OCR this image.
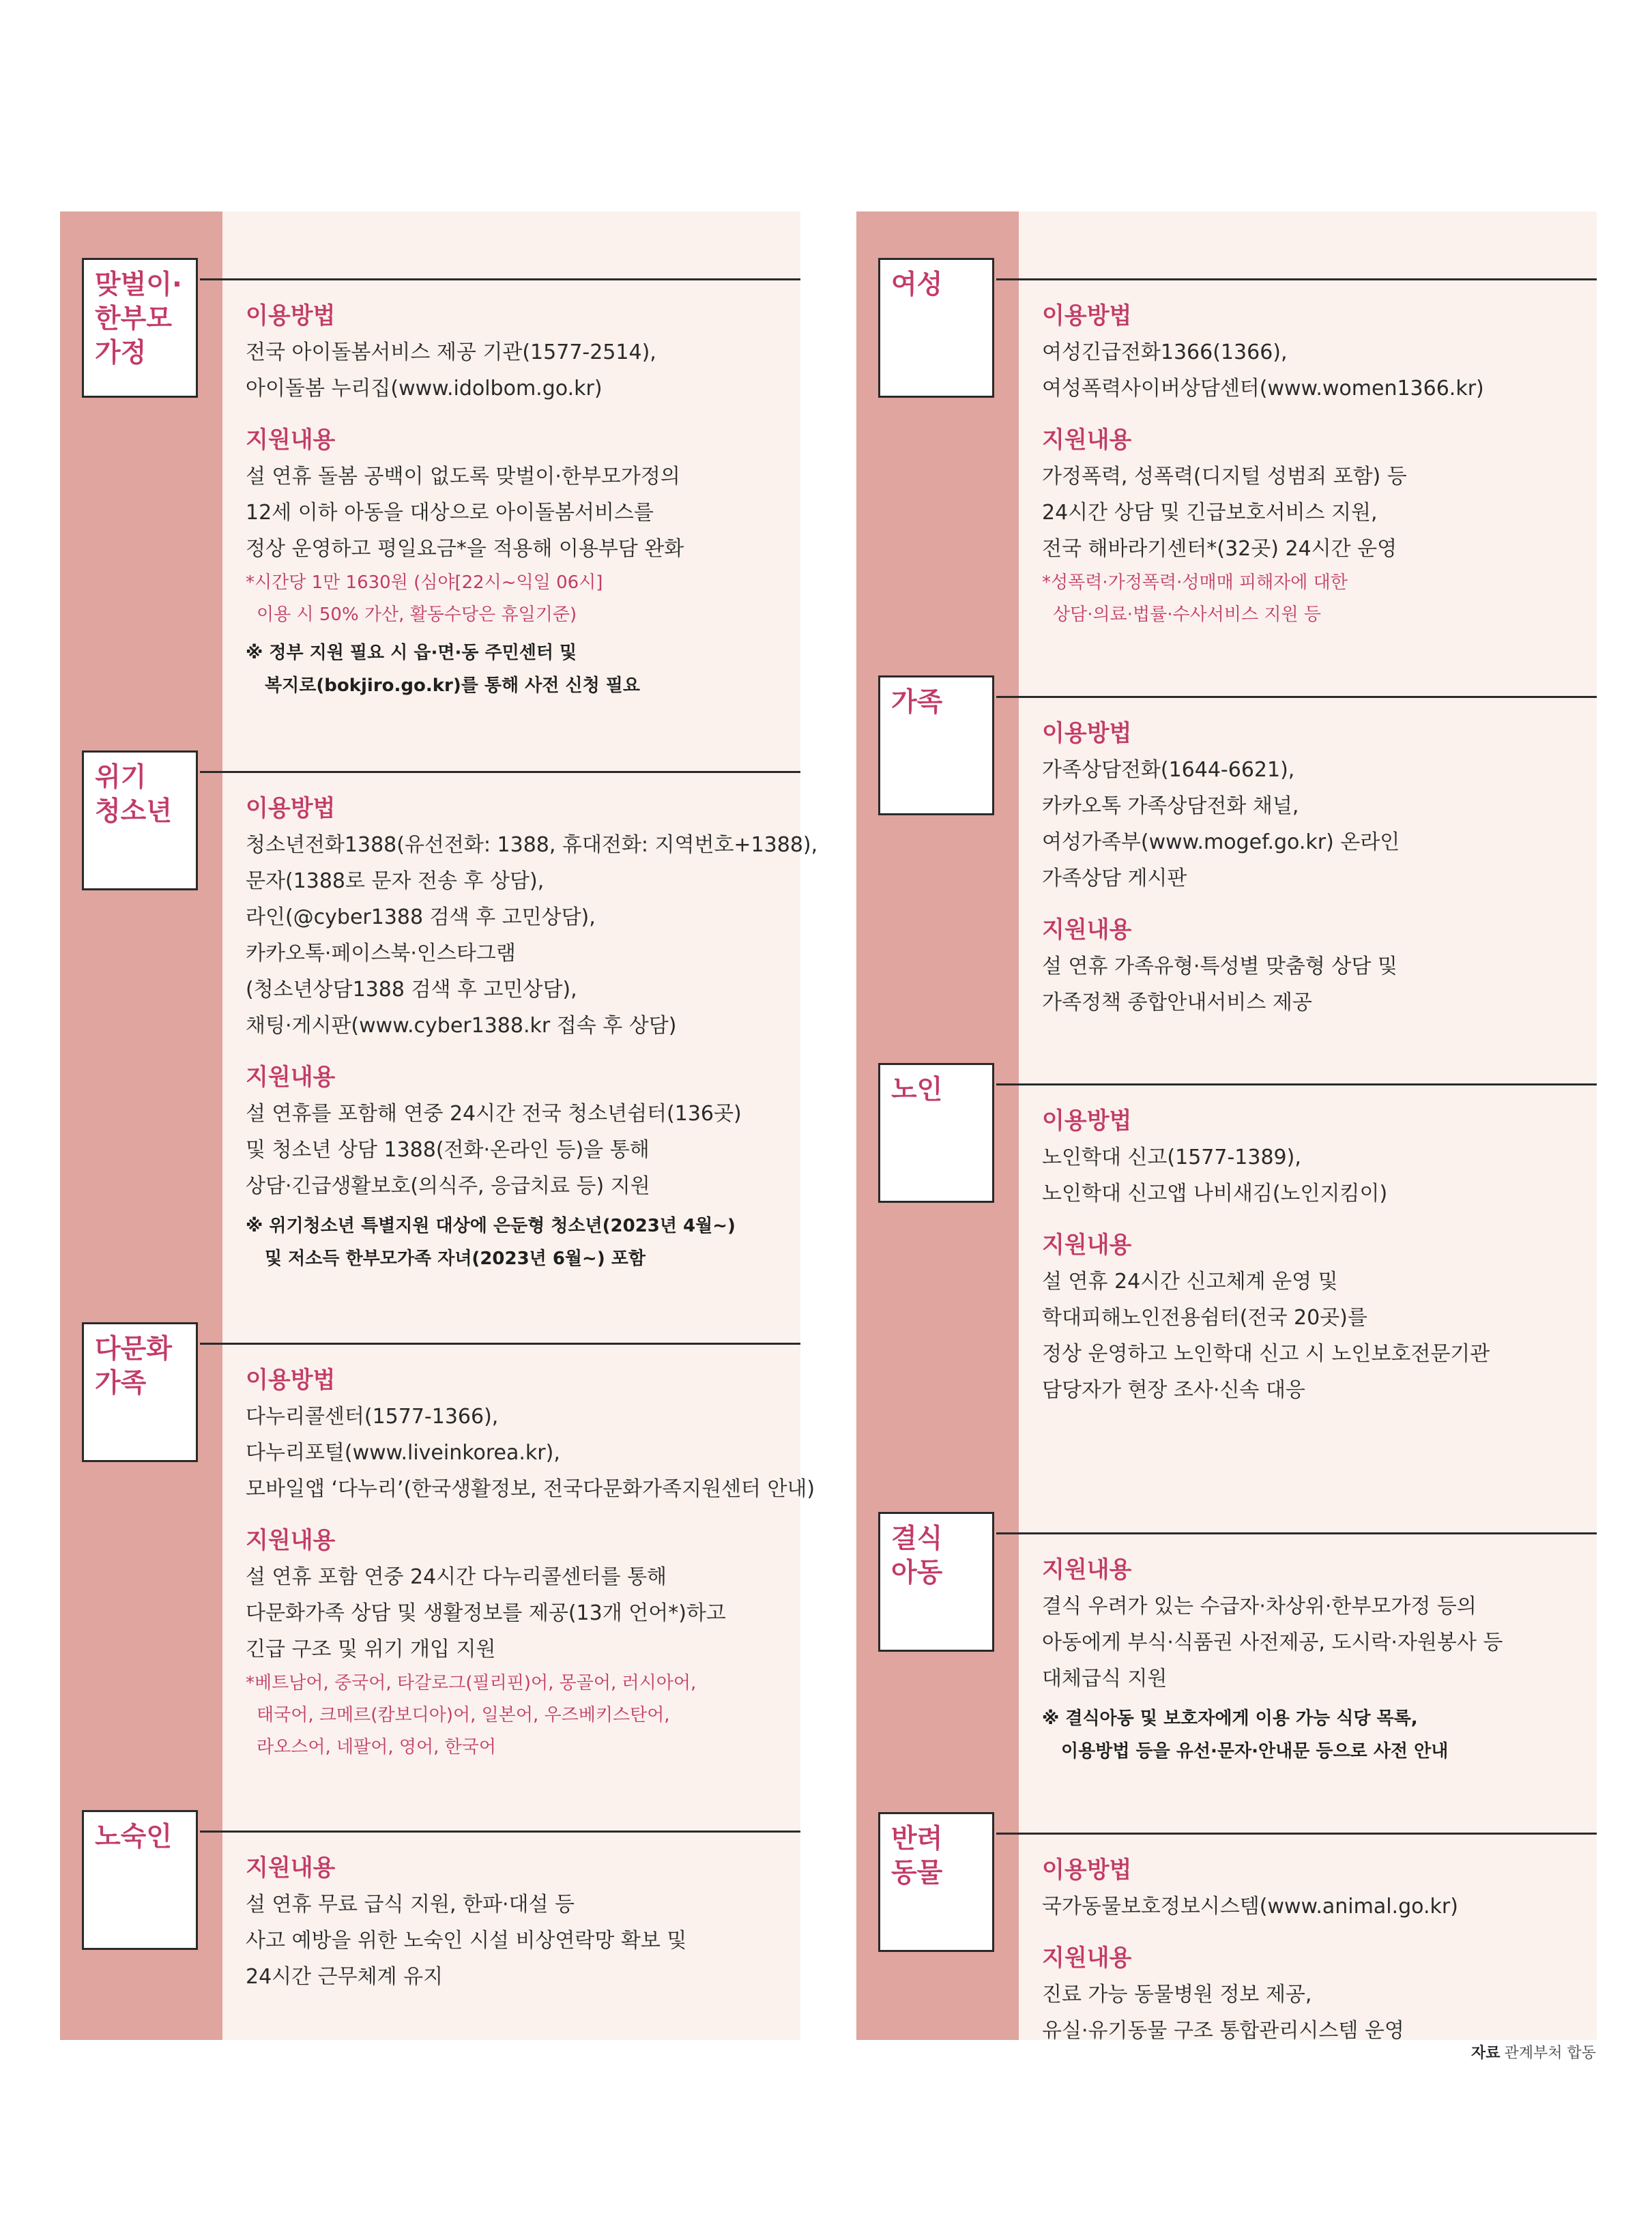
맞벌이·
한부모
가정
이용방법
전국 아이돌봄서비스 제공 기관(1577-2514),
아이돌봄 누리집(www.idolbom.go.kr)
지원내용
설 연휴 돌봄 공백이 없도록 맞벌이·한부모가정의
12세 이하 아동을 대상으로 아이돌봄서비스를
정상 운영하고 평일요금*을 적용해 이용부담 완화
*시간당 1만 1630원 (심야[22시~익일 06시]
이용 시 50% 가산, 활동수당은 휴일기준)
※ 정부 지원 필요 시 읍·면·동 주민센터 및
복지로(bokjiro.go.kr)를 통해 사전 신청 필요
위기
청소년	이용방법
청소년전화1388(유선전화: 1388, 휴대전화: 지역번호+1388),
문자(1388로 문자 전송 후 상담),
라인(@cyber1388 검색 후 고민상담),
카카오톡·페이스북·인스타그램
(청소년상담1388 검색 후 고민상담),
채팅·게시판(www.cyber1388.kr 접속 후 상담)
지원내용
설 연휴를 포함해 연중 24시간 전국 청소년쉼터(136곳)
및 청소년 상담 1388(전화·온라인 등)을 통해
상담·긴급생활보호(의식주, 응급치료 등) 지원
※ 위기청소년 특별지원 대상에 은둔형 청소년(2023년 4월~)
및 저소득 한부모가족 자녀(2023년 6월~) 포함
다문화
가족	이용방법
다누리콜센터(1577-1366),
다누리포털(www.liveinkorea.kr),
모바일앱 ‘다누리’(한국생활정보, 전국다문화가족지원센터 안내)
지원내용
설 연휴 포함 연중 24시간 다누리콜센터를 통해
다문화가족 상담 및 생활정보를 제공(13개 언어*)하고
긴급 구조 및 위기 개입 지원
*베트남어, 중국어, 타갈로그(필리핀)어, 몽골어, 러시아어,
태국어, 크메르(캄보디아)어, 일본어, 우즈베키스탄어,
라오스어, 네팔어, 영어, 한국어
노숙인
지원내용
설 연휴 무료 급식 지원, 한파·대설 등
사고 예방을 위한 노숙인 시설 비상연락망 확보 및
24시간 근무체계 유지
여성
이용방법
여성긴급전화1366(1366),
여성폭력사이버상담센터(www.women1366.kr)
지원내용
가정폭력, 성폭력(디지털 성범죄 포함) 등
24시간 상담 및 긴급보호서비스 지원,
전국 해바라기센터*(32곳) 24시간 운영
*성폭력·가정폭력·성매매 피해자에 대한
상담·의료·법률·수사서비스 지원 등
가족
이용방법
가족상담전화(1644-6621),
카카오톡 가족상담전화 채널,
여성가족부(www.mogef.go.kr) 온라인
가족상담 게시판
지원내용
설 연휴 가족유형·특성별 맞춤형 상담 및
가족정책 종합안내서비스 제공
노인
이용방법
노인학대 신고(1577-1389),
노인학대 신고앱 나비새김(노인지킴이)
지원내용
설 연휴 24시간 신고체계 운영 및
학대피해노인전용쉼터(전국 20곳)를
정상 운영하고 노인학대 신고 시 노인보호전문기관
담당자가 현장 조사·신속 대응
결식
아동	지원내용
결식 우려가 있는 수급자·차상위·한부모가정 등의
아동에게 부식·식품권 사전제공, 도시락·자원봉사 등
대체급식 지원
※ 결식아동 및 보호자에게 이용 가능 식당 목록,
이용방법 등을 유선·문자·안내문 등으로 사전 안내
반려
동물	이용방법
국가동물보호정보시스템(www.animal.go.kr)
지원내용
진료 가능 동물병원 정보 제공,
유실·유기동물 구조 통합관리시스템 운영
자료 관계부처 합동
